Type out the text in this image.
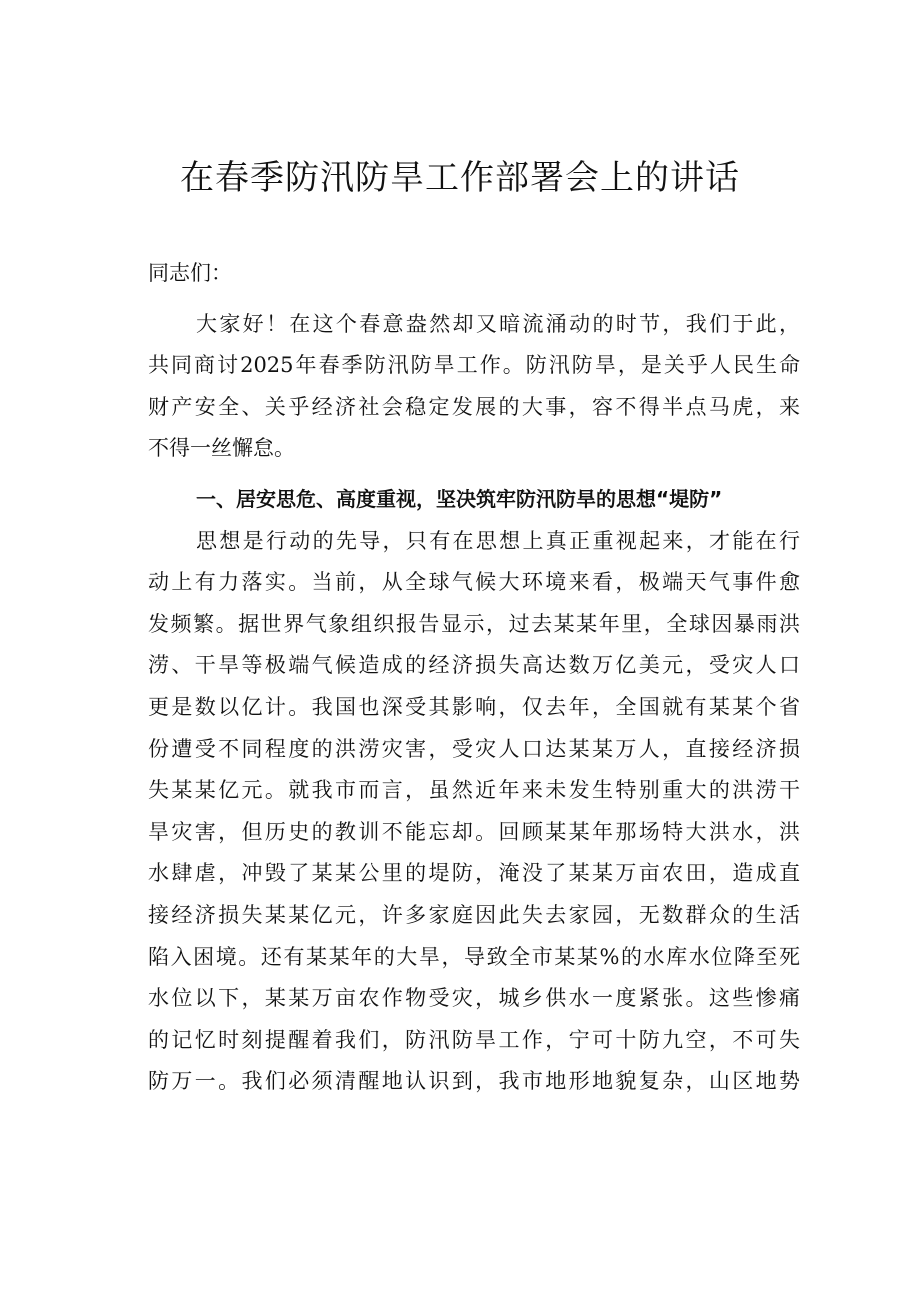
在春季防汛防旱工作部署会上的讲话
同志们：
大家好！在这个春意盎然却又暗流涌动的时节，我们于此，
共同商讨2025年春季防汛防旱工作。防汛防旱，是关乎人民生命
财产安全、关乎经济社会稳定发展的大事，容不得半点马虎，来
不得一丝懈怠。
一、居安思危、高度重视，坚决筑牢防汛防旱的思想“堤防”
思想是行动的先导，只有在思想上真正重视起来，才能在行
动上有力落实。当前，从全球气候大环境来看，极端天气事件愈
发频繁。据世界气象组织报告显示，过去某某年里，全球因暴雨洪
涝、干旱等极端气候造成的经济损失高达数万亿美元，受灾人口
更是数以亿计。我国也深受其影响，仅去年，全国就有某某个省
份遭受不同程度的洪涝灾害，受灾人口达某某万人，直接经济损
失某某亿元。就我市而言，虽然近年来未发生特别重大的洪涝干
旱灾害，但历史的教训不能忘却。回顾某某年那场特大洪水，洪
水肆虐，冲毁了某某公里的堤防，淹没了某某万亩农田，造成直
接经济损失某某亿元，许多家庭因此失去家园，无数群众的生活
陷入困境。还有某某年的大旱，导致全市某某%的水库水位降至死
水位以下，某某万亩农作物受灾，城乡供水一度紧张。这些惨痛
的记忆时刻提醒着我们，防汛防旱工作，宁可十防九空，不可失
防万一。我们必须清醒地认识到，我市地形地貌复杂，山区地势
